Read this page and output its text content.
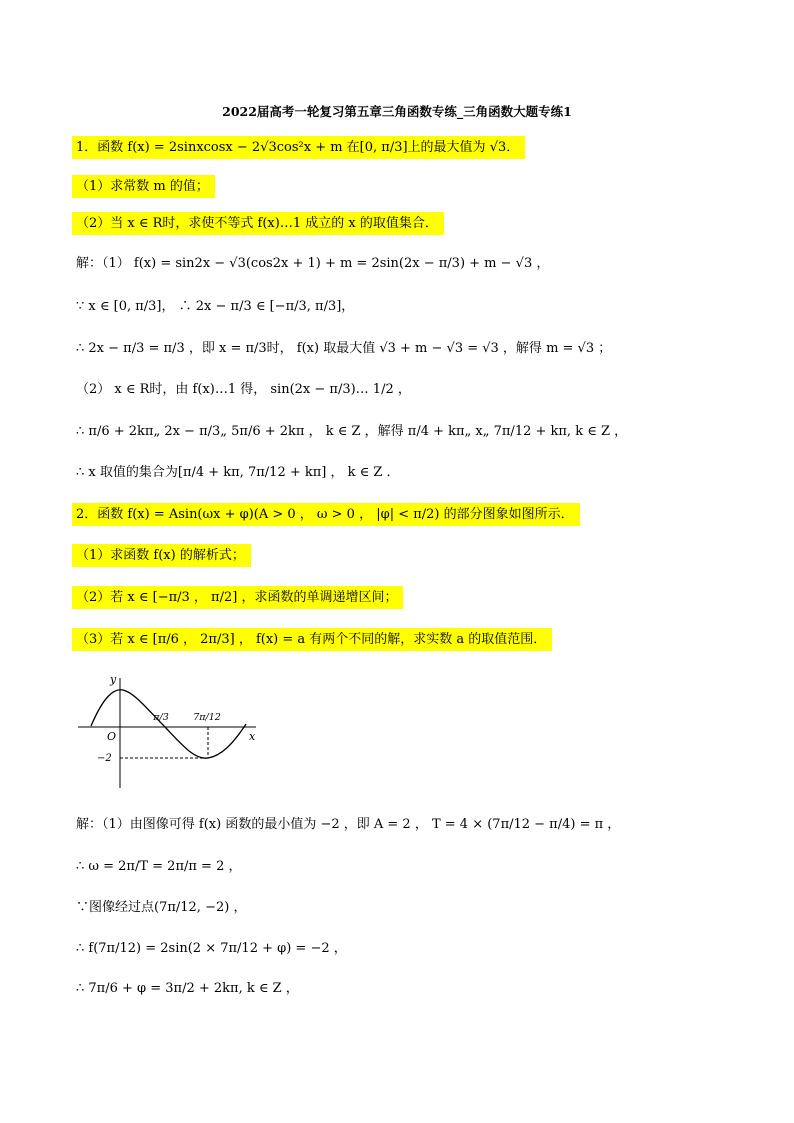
2022届高考一轮复习第五章三角函数专练_三角函数大题专练1
1．函数 f(x) = 2sinxcosx − 2√3cos²x + m 在[0, π/3]上的最大值为 √3．
（1）求常数 m 的值；
（2）当 x ∈ R时，求使不等式 f(x)…1 成立的 x 的取值集合．
解：（1） f(x) = sin2x − √3(cos2x + 1) + m = 2sin(2x − π/3) + m − √3 ，
∵ x ∈ [0, π/3]， ∴ 2x − π/3 ∈ [−π/3, π/3]，
∴ 2x − π/3 = π/3 ，即 x = π/3时， f(x) 取最大值 √3 + m − √3 = √3 ，解得 m = √3 ；
（2） x ∈ R时，由 f(x)…1 得， sin(2x − π/3)… 1/2 ，
∴ π/6 + 2kπ„ 2x − π/3„ 5π/6 + 2kπ ， k ∈ Z ，解得 π/4 + kπ„ x„ 7π/12 + kπ, k ∈ Z ，
∴ x 取值的集合为[π/4 + kπ, 7π/12 + kπ] ， k ∈ Z ．
2．函数 f(x) = Asin(ωx + φ)(A > 0 ， ω > 0 ， |φ| < π/2) 的部分图象如图所示．
（1）求函数 f(x) 的解析式；
（2）若 x ∈ [−π/3 ， π/2] ，求函数的单调递增区间；
（3）若 x ∈ [π/6 ， 2π/3] ， f(x) = a 有两个不同的解，求实数 a 的取值范围．
y
x
O
−2
π/3	7π/12
解：（1）由图像可得 f(x) 函数的最小值为 −2 ，即 A = 2 ， T = 4 × (7π/12 − π/4) = π ，
∴ ω = 2π/T = 2π/π = 2 ，
∵图像经过点(7π/12, −2) ，
∴ f(7π/12) = 2sin(2 × 7π/12 + φ) = −2 ，
∴ 7π/6 + φ = 3π/2 + 2kπ, k ∈ Z ，
